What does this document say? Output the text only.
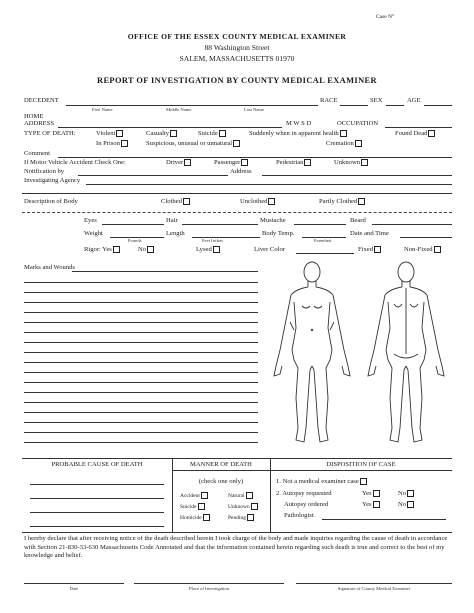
Case N°
OFFICE OF THE ESSEX COUNTY MEDICAL EXAMINER
88 Washington Street
SALEM, MASSACHUSETTS 01970
REPORT OF INVESTIGATION BY COUNTY MEDICAL EXAMINER
DECEDENT	RACE	SEX	AGE
First Name	Middle Name	Last Name
HOME
ADDRESS	M W S D	OCCUPATION
TYPE OF DEATH:	Violent	Casualty	Suicide	Suddenly when in apparent health	Found Dead
In Prison	Suspicious, unusual or unnatural	Cremation
Comment
If Motor Vehicle Accident Check One:	Driver	Passenger	Pedestrian	Unknown
Notification by	Address
Investigating Agency
Description of Body	Clothed	Unclothed	Partly Clothed
Eyes	Hair	Mustache	Beard
Weight	Length	Body Temp.	Date and Time
Pounds	Feet Inches	Farenheit
Rigor: Yes	No	Lysed	Liver Color	Fixed	Non-Fixed
Marks and Wounds
PROBABLE CAUSE OF DEATH	MANNER OF DEATH
(check one only)
Accident	Natural
Suicide	Unknown
Homicide	Pending
DISPOSITION OF CASE
1. Not a medical examiner case
2. Autopsy requested	Yes	No
Autopsy ordered	Yes	No
Pathologist
I hereby declare that after receiving notice of the death described herein I took charge of the body and made inquiries regarding the cause of death in accordance with Section 21-830-33-630 Massachusetts Code Annotated and that the information contained herein regarding such death is true and correct to the best of my knowledge and belief.
Date	Place of Investigation	Signature of County Medical Examiner
